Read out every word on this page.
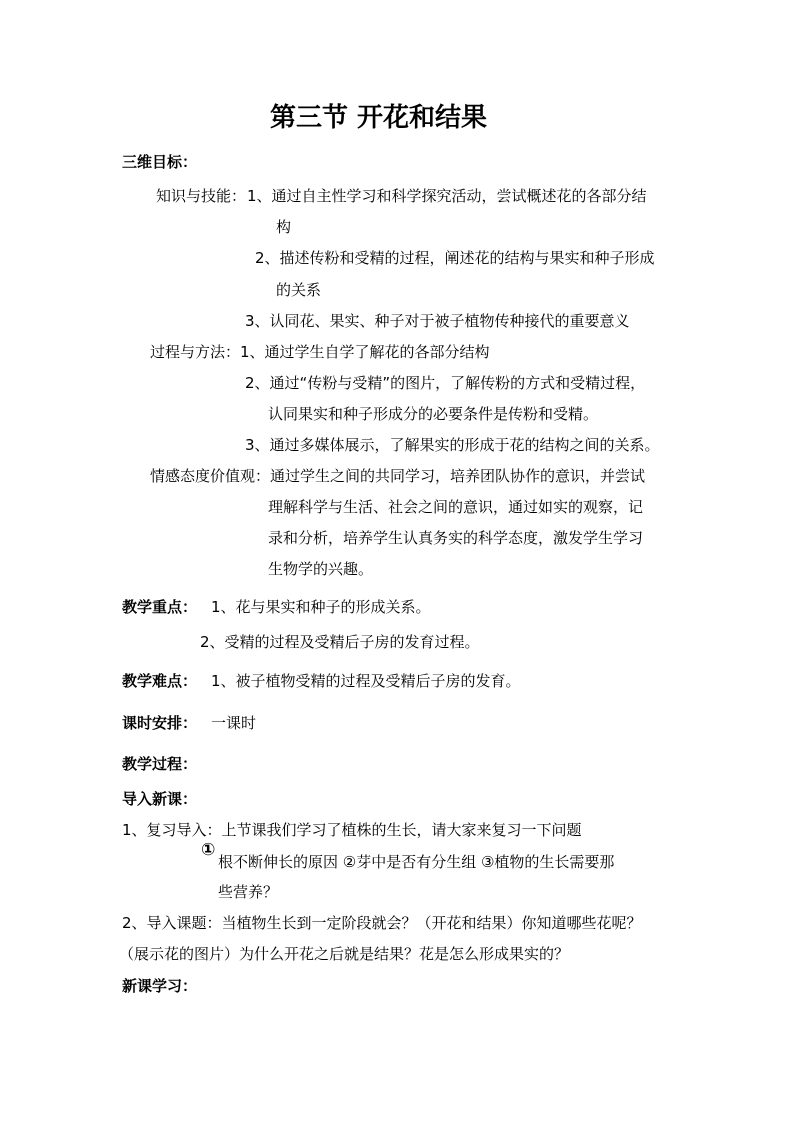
第三节 开花和结果
三维目标：
知识与技能： 1、通过自主性学习和科学探究活动，尝试概述花的各部分结
构
2、描述传粉和受精的过程，阐述花的结构与果实和种子形成
的关系
3、认同花、果实、种子对于被子植物传种接代的重要意义
过程与方法： 1、通过学生自学了解花的各部分结构
2、通过“传粉与受精”的图片，了解传粉的方式和受精过程，
认同果实和种子形成分的必要条件是传粉和受精。
3、通过多媒体展示，了解果实的形成于花的结构之间的关系。
情感态度价值观： 通过学生之间的共同学习，培养团队协作的意识，并尝试
理解科学与生活、社会之间的意识，通过如实的观察，记
录和分析，培养学生认真务实的科学态度，激发学生学习
生物学的兴趣。
教学重点： 1、花与果实和种子的形成关系。
2、受精的过程及受精后子房的发育过程。
教学难点： 1、被子植物受精的过程及受精后子房的发育。
课时安排： 一课时
教学过程：
导入新课：
1、复习导入：上节课我们学习了植株的生长，请大家来复习一下问题
①
根不断伸长的原因 ②芽中是否有分生组 ③植物的生长需要那
些营养？
2、导入课题：当植物生长到一定阶段就会？（开花和结果）你知道哪些花呢？
（展示花的图片）为什么开花之后就是结果？花是怎么形成果实的？
新课学习：
